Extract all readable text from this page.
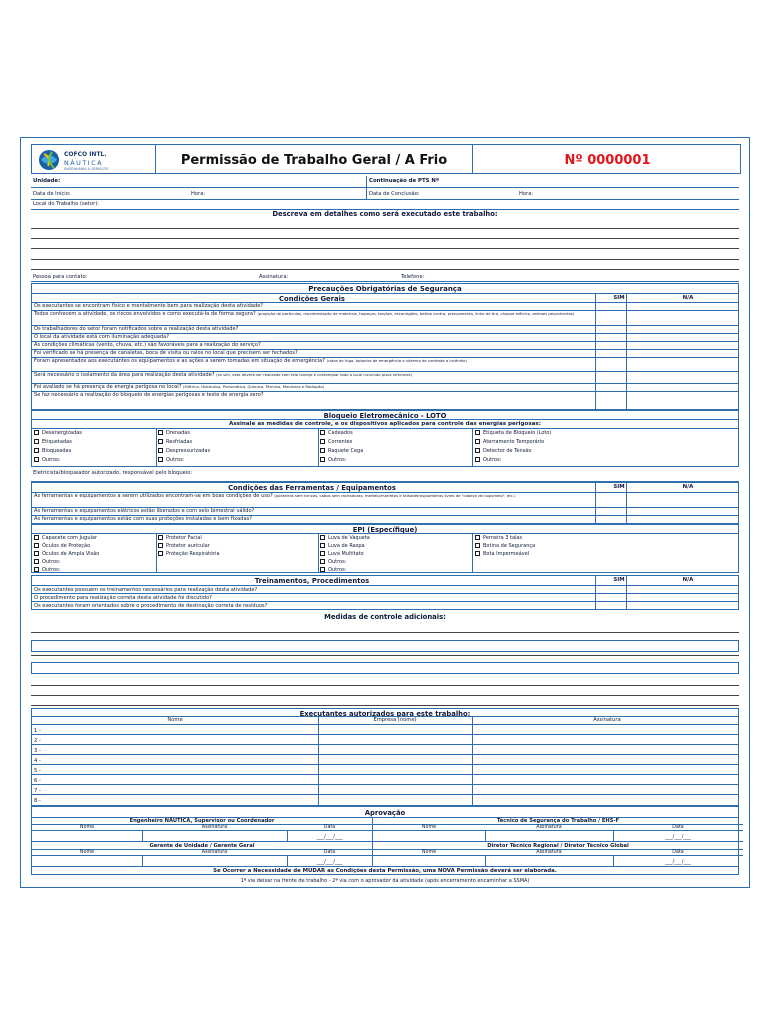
COFCO INTL.
NÁUTICA
ENGENHARIA & SERVIÇOS
Permissão de Trabalho Geral / A Frio	Nº 0000001
Unidade:	Continuação de PTS Nº
Data de Início:	Hora:	Data de Conclusão:	Hora:
Local do Trabalho (setor):
Descreva em detalhes como será executado este trabalho:
Pessoa para contato:	Assinatura:	Telefone:
Precauções Obrigatórias de Segurança
Condições Gerais	SIM	N/A
Os executantes se encontram físico e mentalmente bem para realização desta atividade?
Todos conhecem a atividade, os riscos envolvidos e como executá-la de forma segura? (projeção de partículas, movimentação de materiais, tropeços, torções, escorregões, batida contra, prensamento, linha de tiro, choque elétrico, animais peçonhentos)
Os trabalhadores do setor foram notificados sobre a realização desta atividade?
O local da atividade está com iluminação adequada?
As condições climáticas (vento, chuva, etc.) são favoráveis para a realização do serviço?
Foi verificado se há presença de canaletas, boca de visita ou ralos no local que precisem ser fechados?
Foram apresentados aos executantes os equipamentos e as ações a serem tomadas em situação de emergência? (rotas de fuga, botoeira de emergência e sistema de combate a incêndio)
Será necessário o isolamento da área para realização desta atividade? (se sim, este deverá ser realizado com tela laranja e contemplar todo o local incluindo pisos inferiores)
Foi avaliado se há presença de energia perigosa no local? (Elétrica, Hidráulica, Pneumática, Química, Térmica, Mecânica e Radiação)
Se faz necessário a realização do bloqueio de energias perigosas e teste de energia zero?
Bloqueio Eletromecânico - LOTO
Assinale as medidas de controle, e os dispositivos aplicados para controle das energias perigosas:
Desenergizadas
Etiquetadas
Bloqueadas
Outros:
Drenadas
Resfriadas
Despressurizadas
Outros:
Cadeados
Correntes
Raquete Cega
Outros:
Etiqueta de Bloqueio (Loto)
Aterramento Temporário
Detector de Tensão
Outros:
Eletricista/bloqueador autorizado, responsável pelo bloqueio:
Condições das Ferramentas / Equipamentos	SIM	N/A
As ferramentas e equipamentos a serem utilizados encontram-se em boas condições de uso? (ponteiras sem trincas, cabos sem rachaduras, martelo/marretas e talhadeiras/ponteiros livres de "cabeça de cogumelo", etc.)
As ferramentas e equipamentos elétricos estão liberados e com selo bimestral válido?
As ferramentas e equipamentos estão com suas proteções instaladas e bem fixadas?
EPI (Específique)
Capacete com Jugular
Óculos de Proteção
Óculos de Ampla Visão
Outros:
Outros:
Protetor Facial
Protetor auricular
Proteção Respiratória
Luva de Vaqueta
Luva de Raspa
Luva Multitato
Outros:
Outros:
Perneira 3 talas
Botina de Segurança
Bota Impermeável
Treinamentos, Procedimentos	SIM	N/A
Os executantes possuem os treinamentos necessários para realização desta atividade?
O procedimento para realização correta desta atividade foi discutido?
Os executantes foram orientados sobre o procedimento de destinação correta de resíduos?
Medidas de controle adicionais:
Executantes autorizados para este trabalho:
Nome	Empresa (nome)	Assinatura
1 -
2 -
3 -
4 -
5 -
6 -
7 -
8 -
Aprovação
Engenheiro NÁUTICA, Supervisor ou Coordenador
Nome	Assinatura	Data
___/___/___
Técnico de Segurança do Trabalho / EHS-F
Nome	Assinatura	Data
___/___/___
Gerente de Unidade / Gerente Geral
Nome	Assinatura	Data
___/___/___
Diretor Técnico Regional / Diretor Técnico Global
Nome	Assinatura	Data
___/___/___
Se Ocorrer a Necessidade de MUDAR as Condições desta Permissão, uma NOVA Permissão deverá ser elaborada.
1ª via deixar na frente de trabalho - 2ª via com o aprovador da atividade (após encerramento encaminhar a SSMA)
